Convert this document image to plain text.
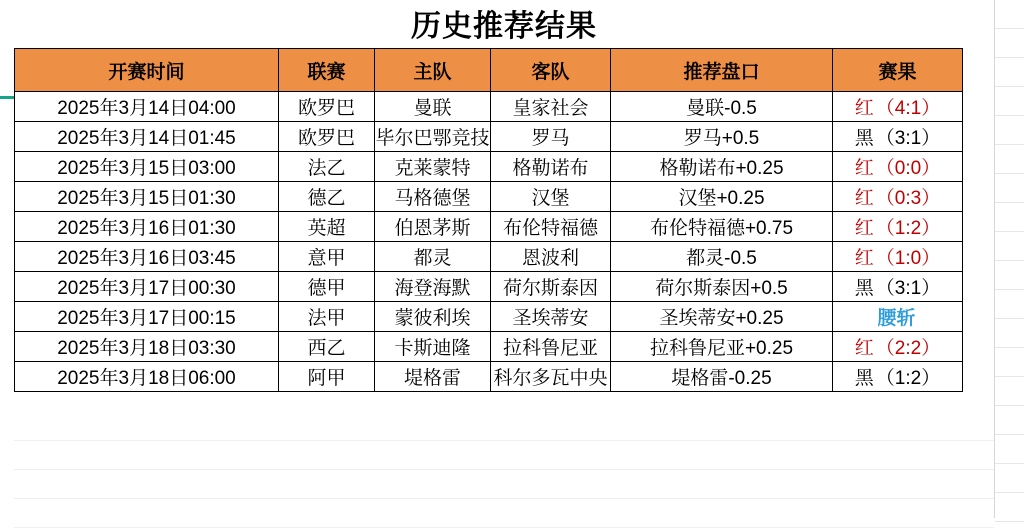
历史推荐结果
开赛时间	联赛	主队	客队	推荐盘口	赛果
2025年3月14日04:00	欧罗巴	曼联	皇家社会	曼联-0.5	红 （4:1）

2025年3月14日01:45	欧罗巴	毕尔巴鄂竞技	罗马	罗马+0.5	黑 （3:1）

2025年3月15日03:00	法乙	克莱蒙特	格勒诺布	格勒诺布+0.25	红 （0:0）

2025年3月15日01:30	德乙	马格德堡	汉堡	汉堡+0.25	红 （0:3）

2025年3月16日01:30	英超	伯恩茅斯	布伦特福德	布伦特福德+0.75	红 （1:2）

2025年3月16日03:45	意甲	都灵	恩波利	都灵-0.5	红 （1:0）

2025年3月17日00:30	德甲	海登海默	荷尔斯泰因	荷尔斯泰因+0.5	黑 （3:1）

2025年3月17日00:15	法甲	蒙彼利埃	圣埃蒂安	圣埃蒂安+0.25	腰斩

2025年3月18日03:30	西乙	卡斯迪隆	拉科鲁尼亚	拉科鲁尼亚+0.25	红 （2:2）

2025年3月18日06:00	阿甲	堤格雷	科尔多瓦中央	堤格雷-0.25	黑 （1:2）
